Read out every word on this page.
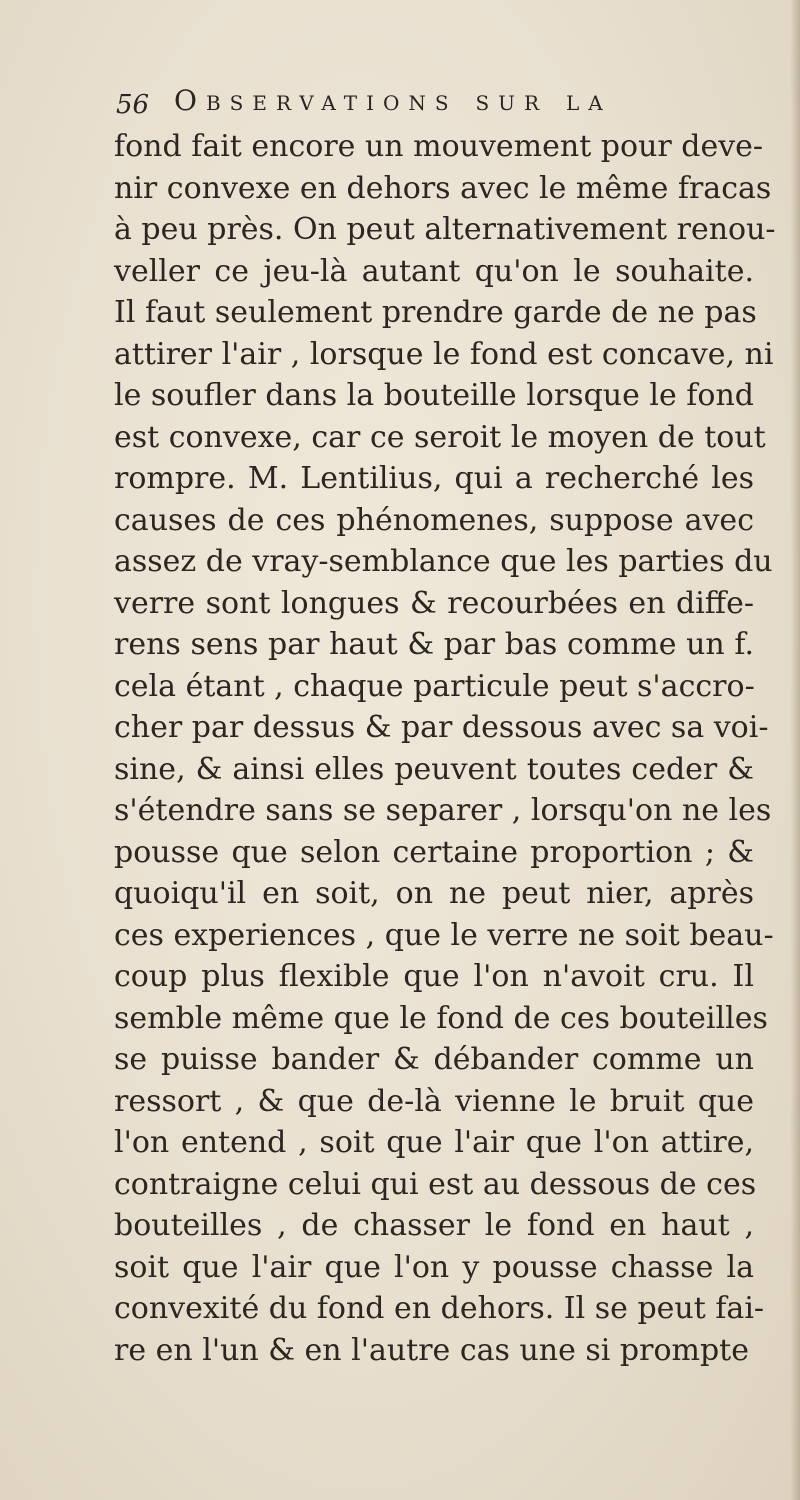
56 Observations sur la
fond fait encore un mouvement pour deve-
nir convexe en dehors avec le même fracas
à peu près. On peut alternativement renou-
veller ce jeu-là autant qu'on le souhaite.
Il faut seulement prendre garde de ne pas
attirer l'air , lorsque le fond est concave, ni
le soufler dans la bouteille lorsque le fond
est convexe, car ce seroit le moyen de tout
rompre. M. Lentilius, qui a recherché les
causes de ces phénomenes, suppose avec
assez de vray-semblance que les parties du
verre sont longues & recourbées en diffe-
rens sens par haut & par bas comme un f.
cela étant , chaque particule peut s'accro-
cher par dessus & par dessous avec sa voi-
sine, & ainsi elles peuvent toutes ceder &
s'étendre sans se separer , lorsqu'on ne les
pousse que selon certaine proportion ; &
quoiqu'il en soit, on ne peut nier, après
ces experiences , que le verre ne soit beau-
coup plus flexible que l'on n'avoit cru. Il
semble même que le fond de ces bouteilles
se puisse bander & débander comme un
ressort , & que de-là vienne le bruit que
l'on entend , soit que l'air que l'on attire,
contraigne celui qui est au dessous de ces
bouteilles , de chasser le fond en haut ,
soit que l'air que l'on y pousse chasse la
convexité du fond en dehors. Il se peut fai-
re en l'un & en l'autre cas une si prompte
